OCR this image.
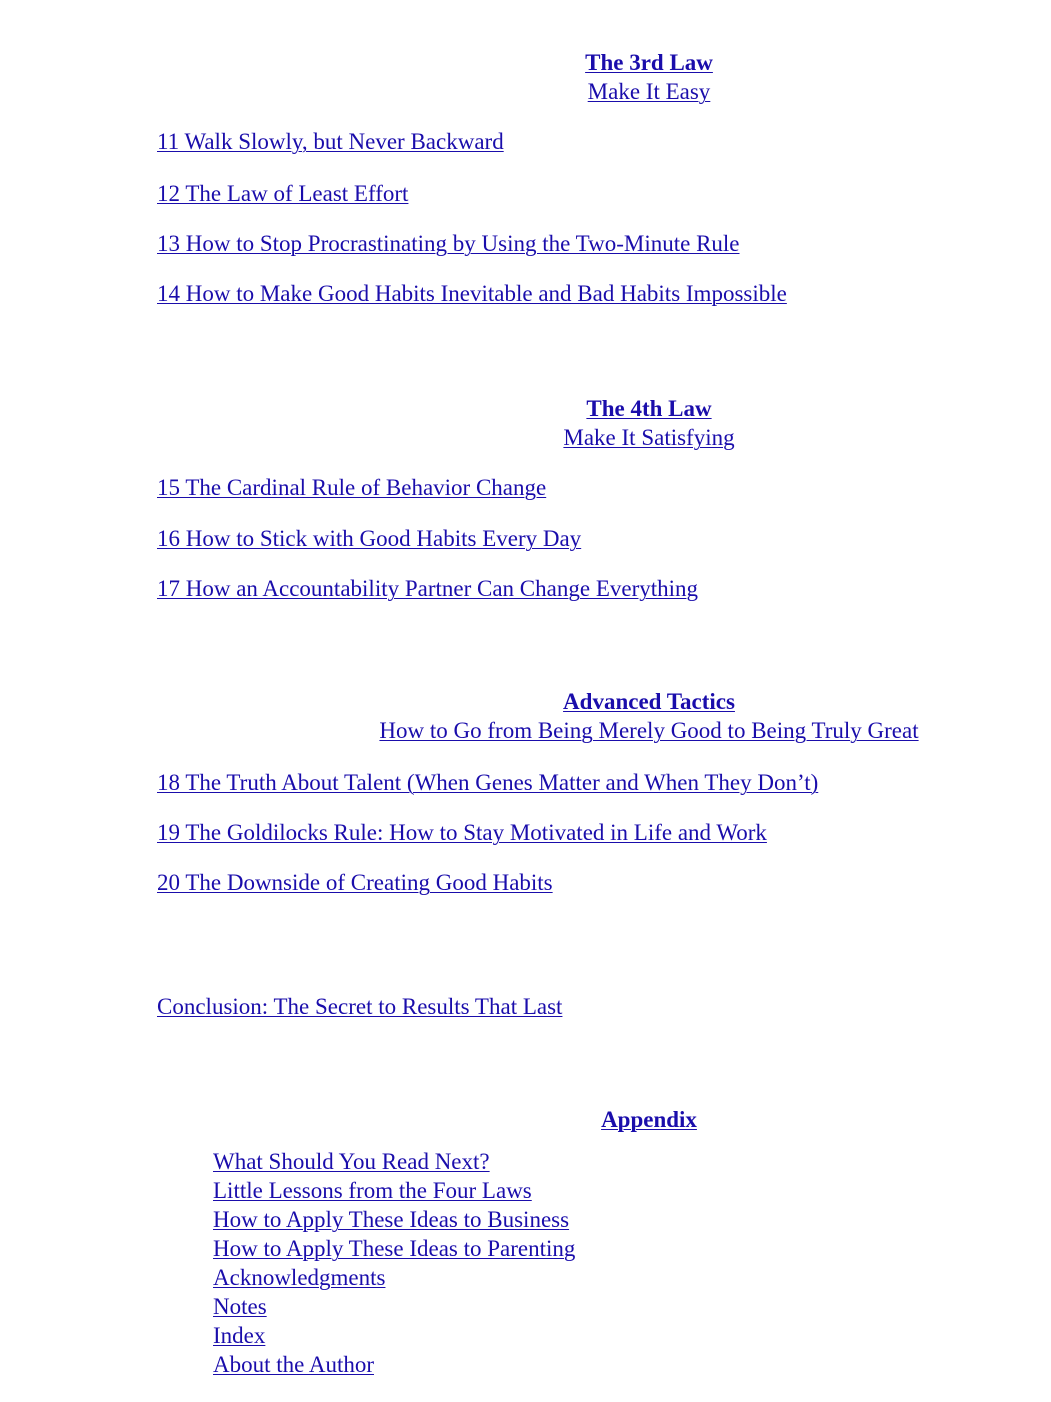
The 3rd Law
Make It Easy
11 Walk Slowly, but Never Backward
12 The Law of Least Effort
13 How to Stop Procrastinating by Using the Two-Minute Rule
14 How to Make Good Habits Inevitable and Bad Habits Impossible
The 4th Law
Make It Satisfying
15 The Cardinal Rule of Behavior Change
16 How to Stick with Good Habits Every Day
17 How an Accountability Partner Can Change Everything
Advanced Tactics
How to Go from Being Merely Good to Being Truly Great
18 The Truth About Talent (When Genes Matter and When They Don’t)
19 The Goldilocks Rule: How to Stay Motivated in Life and Work
20 The Downside of Creating Good Habits
Conclusion: The Secret to Results That Last
Appendix
What Should You Read Next?
Little Lessons from the Four Laws
How to Apply These Ideas to Business
How to Apply These Ideas to Parenting
Acknowledgments
Notes
Index
About the Author
